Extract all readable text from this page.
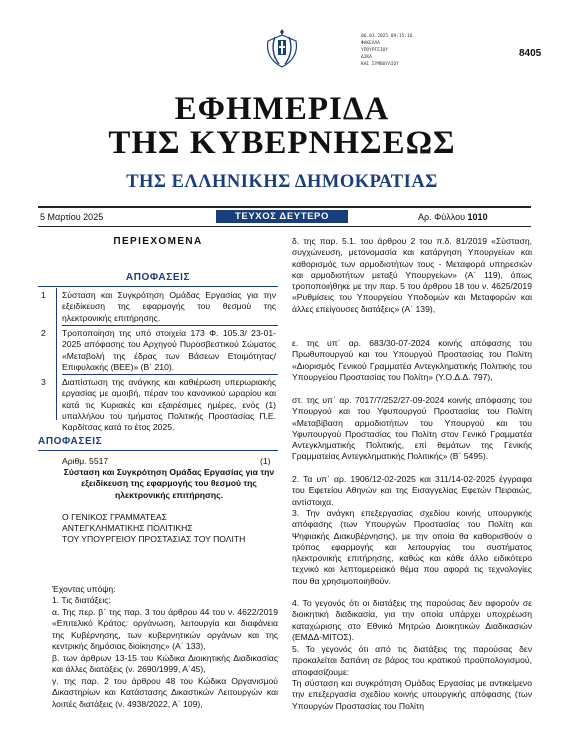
06.03.2025 09:15:16
ΦΑΚΕΛΛΑ
ΥΠΟΥΡΓΕΙΟΥ
ΔΙΚΑ
ΚΑΙ ΣΥΜΒΟΥΛΙΟΥ
8405
ΕΦΗΜΕΡΙΔΑ
ΤΗΣ ΚΥΒΕΡΝΗΣΕΩΣ
ΤΗΣ ΕΛΛΗΝΙΚΗΣ ΔΗΜΟΚΡΑΤΙΑΣ
5 Μαρτίου 2025	ΤΕΥΧΟΣ ΔΕΥΤΕΡΟ	Αρ. Φύλλου 1010
ΠΕΡΙΕΧΟΜΕΝΑ
ΑΠΟΦΑΣΕΙΣ
1 Σύσταση και Συγκρότηση Ομάδας Εργασίας για την εξειδίκευση της εφαρμογής του θεσμού της ηλεκτρονικής επιτήρησης.
2 Τροποποίηση της υπό στοιχεία 173 Φ. 105.3/ 23-01-2025 απόφασης του Αρχηγού Πυροσβεστικού Σώματος «Μεταβολή της έδρας των Βάσεων Ετοιμότητας/Επιφυλακής (ΒΕΕ)» (Β΄ 210).
3 Διαπίστωση της ανάγκης και καθιέρωση υπερωριακής εργασίας με αμοιβή, πέραν του κανονικού ωραρίου και κατά τις Κυριακές και εξαιρέσιμες ημέρες, ενός (1) υπαλλήλου του τμήματος Πολιτικής Προστασίας Π.Ε. Καρδίτσας κατά το έτος 2025.
ΑΠΟΦΑΣΕΙΣ
Αριθμ. 5517	(1)
Σύσταση και Συγκρότηση Ομάδας Εργασίας για την εξειδίκευση της εφαρμογής του θεσμού της ηλεκτρονικής επιτήρησης.
Ο ΓΕΝΙΚΟΣ ΓΡΑΜΜΑΤΕΑΣ
ΑΝΤΕΓΚΛΗΜΑΤΙΚΗΣ ΠΟΛΙΤΙΚΗΣ
ΤΟΥ ΥΠΟΥΡΓΕΙΟΥ ΠΡΟΣΤΑΣΙΑΣ ΤΟΥ ΠΟΛΙΤΗ
Έχοντας υπόψη:
1. Τις διατάξεις:
α. Της περ. β΄ της παρ. 3 του άρθρου 44 του ν. 4622/2019 «Επιτελικό Κράτος: οργάνωση, λειτουργία και διαφάνεια της Κυβέρνησης, των κυβερνητικών οργάνων και της κεντρικής δημόσιας διοίκησης» (Α΄ 133),
β. των άρθρων 13-15 του Κώδικα Διοικητικής Διαδικασίας και άλλες διατάξεις (ν. 2690/1999, Α΄45),
γ. της παρ. 2 του άρθρου 48 του Κώδικα Οργανισμού Δικαστηρίων και Κατάστασης Δικαστικών Λειτουργών και λοιπές διατάξεις (ν. 4938/2022, Α΄ 109),
δ. της παρ. 5.1. του άρθρου 2 του π.δ. 81/2019 «Σύσταση, συγχώνευση, μετονομασία και κατάργηση Υπουργείων και καθορισμός των αρμοδιοτήτων τους - Μεταφορά υπηρεσιών και αρμοδιοτήτων μεταξύ Υπουργείων» (Α΄ 119), όπως τροποποιήθηκε με την παρ. 5 του άρθρου 18 του ν. 4625/2019 «Ρυθμίσεις του Υπουργείου Υποδομών και Μεταφορών και άλλες επείγουσες διατάξεις» (Α΄ 139),
ε. της υπ΄ αρ. 683/30-07-2024 κοινής απόφασης του Πρωθυπουργού και του Υπουργού Προστασίας του Πολίτη «Διορισμός Γενικού Γραμματέα Αντεγκληματικής Πολιτικής του Υπουργείου Προστασίας του Πολίτη» (Υ.Ο.Δ.Δ. 797),
στ. της υπ΄ αρ. 7017/7/252/27-09-2024 κοινής απόφασης του Υπουργού και του Υφυπουργού Προστασίας του Πολίτη «Μεταβίβαση αρμοδιοτήτων του Υπουργού και του Υφυπουργού Προστασίας του Πολίτη στον Γενικό Γραμματέα Αντεγκληματικής Πολιτικής, επί θεμάτων της Γενικής Γραμματείας Αντεγκληματικής Πολιτικής» (Β΄ 5495).
2. Τα υπ΄ αρ. 1906/12-02-2025 και 311/14-02-2025 έγγραφα του Εφετείου Αθηνών και της Εισαγγελίας Εφετών Πειραιώς, αντίστοιχα.
3. Την ανάγκη επεξεργασίας σχεδίου κοινής υπουργικής απόφασης (των Υπουργών Προστασίας του Πολίτη και Ψηφιακής Διακυβέρνησης), με την οποία θα καθορισθούν ο τρόπος εφαρμογής και λειτουργίας του συστήματος ηλεκτρονικής επιτήρησης, καθώς και κάθε άλλο ειδικότερο τεχνικό και λεπτομερειακό θέμα που αφορά τις τεχνολογίες που θα χρησιμοποιηθούν.
4. Το γεγονός ότι οι διατάξεις της παρούσας δεν αφορούν σε διοικητική διαδικασία, για την οποία υπάρχει υποχρέωση καταχώρισης στο Εθνικό Μητρώο Διοικητικών Διαδικασιών (ΕΜΔΔ-ΜΙΤΟΣ).
5. Το γεγονός ότι από τις διατάξεις της παρούσας δεν προκαλείται δαπάνη σε βάρος του κρατικού προϋπολογισμού, αποφασίζουμε:
Τη σύσταση και συγκρότηση Ομάδας Εργασίας με αντικείμενο την επεξεργασία σχεδίου κοινής υπουργικής απόφασης (των Υπουργών Προστασίας του Πολίτη
